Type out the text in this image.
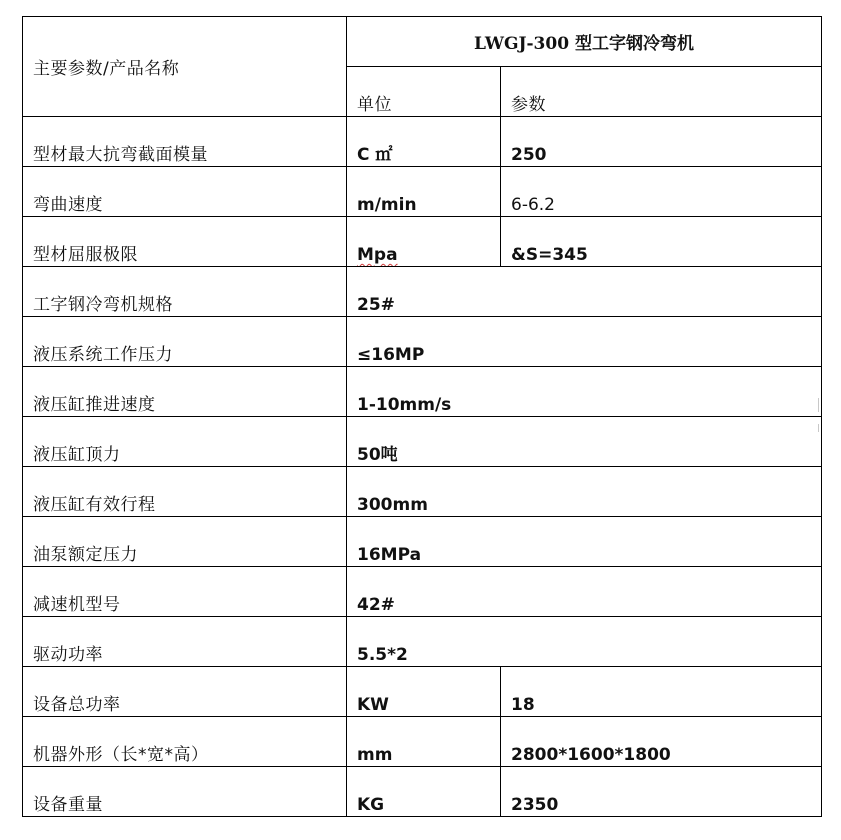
主要参数/产品名称	LWGJ-300 型工字钢冷弯机	
	单位	参数
型材最大抗弯截面模量	C ㎡	250
弯曲速度	m/min	6-6.2
型材屈服极限	Mpa	&S=345
工字钢冷弯机规格	25#	
液压系统工作压力	≤16MP	
液压缸推进速度	1-10mm/s	
液压缸顶力	50吨	
液压缸有效行程	300mm	
油泵额定压力	16MPa	
减速机型号	42#	
驱动功率	5.5*2	
设备总功率	KW	18
机器外形（长*宽*高）	mm	2800*1600*1800
设备重量	KG	2350
